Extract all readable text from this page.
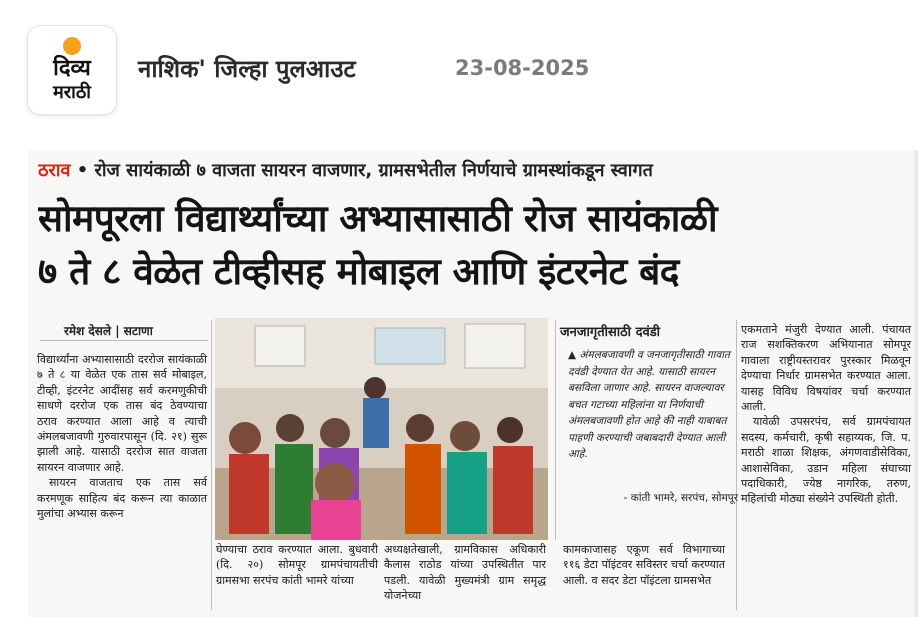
दिव्य
मराठी
नाशिक' जिल्हा पुलआउट	23-08-2025
ठराव • रोज सायंकाळी ७ वाजता सायरन वाजणार, ग्रामसभेतील निर्णयाचे ग्रामस्थांकडून स्वागत
सोमपूरला विद्यार्थ्यांच्या अभ्यासासाठी रोज सायंकाळी
७ ते ८ वेळेत टीव्हीसह मोबाइल आणि इंटरनेट बंद
रमेश देसले | सटाणा

विद्यार्थ्यांना अभ्यासासाठी दररोज सायंकाळी ७ ते ८ या वेळेत एक तास सर्व मोबाइल, टीव्ही, इंटरनेट आदींसह सर्व करमणुकीची साधणे दररोज एक तास बंद ठेवण्याचा ठराव करण्यात आला आहे व त्याची अंमलबजावणी गुरुवारपासून (दि. २१) सुरू झाली आहे. यासाठी दररोज सात वाजता सायरन वाजणार आहे.

सायरन वाजताच एक तास सर्व करमणूक साहित्य बंद करून त्या काळात मुलांचा अभ्यास करून

जनजागृतीसाठी दवंडी
▲ अंमलबजावणी व जनजागृतीसाठी गावात दवंडी देण्यात येत आहे. यासाठी सायरन बसविला जाणार आहे. सायरन वाजल्यावर बचत गटाच्या महिलांना या निर्णयाची अंमलबजावणी होत आहे की नाही याबाबत पाहणी करण्याची जबाबदारी देण्यात आली आहे.
- कांती भामरे, सरपंच, सोमपूर

एकमताने मंजुरी देण्यात आली. पंचायत राज सशक्तिकरण अभियानात सोमपूर गावाला राष्ट्रीयस्तरावर पुरस्कार मिळवून देण्याचा निर्धार ग्रामसभेत करण्यात आला. यासह विविध विषयांवर चर्चा करण्यात आली.

यावेळी उपसरपंच, सर्व ग्रामपंचायत सदस्य, कर्मचारी, कृषी सहाय्यक, जि. प. मराठी शाळा शिक्षक, अंगणवाडीसेविका, आशासेविका, उडान महिला संघाच्या पदाधिकारी, ज्येष्ठ नागरिक, तरुण, महिलांची मोठ्या संख्येने उपस्थिती होती.

घेण्याचा ठराव करण्यात आला. बुधवारी (दि. २०) सोमपूर ग्रामपंचायतीची ग्रामसभा सरपंच कांती भामरे यांच्या
अध्यक्षतेखाली, ग्रामविकास अधिकारी कैलास राठोड यांच्या उपस्थितीत पार पडली. यावेळी मुख्यमंत्री ग्राम समृद्ध योजनेच्या
कामकाजासह एकूण सर्व विभागाच्या ११६ डेटा पॉइंटवर सविस्तर चर्चा करण्यात आली. व सदर डेटा पॉइंटला ग्रामसभेत
